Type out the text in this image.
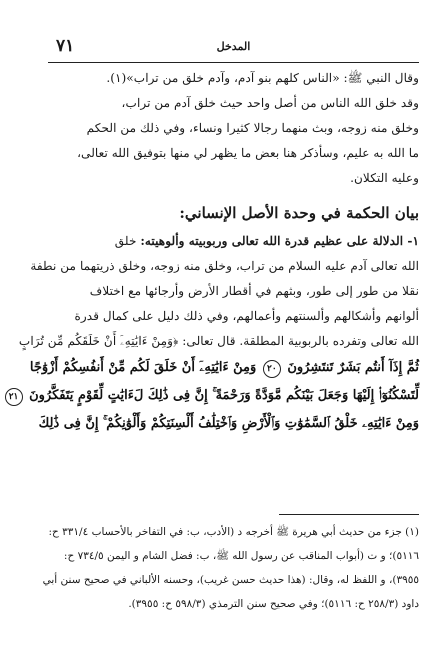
٧١	المدخل
وقال النبي ﷺ: «الناس كلهم بنو آدم، وآدم خلق من تراب»(١).
وقد خلق الله الناس من أصل واحد حيث خلق آدم من تراب،
وخلق منه زوجه، وبث منهما رجالا كثيرا ونساء، وفي ذلك من الحكم
ما الله به عليم، وسأذكر هنا بعض ما يظهر لي منها بتوفيق الله تعالى،
وعليه التكلان.
بيان الحكمة في وحدة الأصل الإنساني:
١- الدلالة على عظيم قدرة الله تعالى وربوبيته وألوهيته: خلق
الله تعالى آدم عليه السلام من تراب، وخلق منه زوجه، وخلق ذريتهما من نطفة
نقلا من طور إلى طور، وبثهم في أقطار الأرض وأرجائها مع اختلاف
ألوانهم وأشكالهم وألسنتهم وأعمالهم، وفي ذلك دليل على كمال قدرة
الله تعالى وتفرده بالربوبية المطلقة. قال تعالى: ﴿وَمِنْ ءَايَٰتِهِۦٓ أَنْ خَلَقَكُم مِّن تُرَابٍ
ثُمَّ إِذَآ أَنتُم بَشَرٌ تَنتَشِرُونَ ٢٠ وَمِنْ ءَايَٰتِهِۦٓ أَنْ خَلَقَ لَكُم مِّنْ أَنفُسِكُمْ أَزْوَٰجًا
لِّتَسْكُنُوٓا۟ إِلَيْهَا وَجَعَلَ بَيْنَكُم مَّوَدَّةً وَرَحْمَةً ۚ إِنَّ فِى ذَٰلِكَ لَءَايَٰتٍ لِّقَوْمٍ يَتَفَكَّرُونَ ٢١
وَمِنْ ءَايَٰتِهِۦ خَلْقُ ٱلسَّمَٰوَٰتِ وَٱلْأَرْضِ وَٱخْتِلَٰفُ أَلْسِنَتِكُمْ وَأَلْوَٰنِكُمْ ۚ إِنَّ فِى ذَٰلِكَ
(١) جزء من حديث أبي هريرة ﷺ أخرجه د (الأدب، ب: في التفاخر بالأحساب ٣٣١/٤ ح:
٥١١٦)؛ و ت (أبواب المناقب عن رسول الله ﷺ، ب: فضل الشام و اليمن ٧٣٤/٥ ح:
٣٩٥٥)، و اللفظ له، وقال: (هذا حديث حسن غريب)، وحسنه الألباني في صحيح سنن أبي
داود (٢٥٨/٣ ح: ٥١١٦)؛ وفي صحيح سنن الترمذي (٥٩٨/٣ ح: ٣٩٥٥).
